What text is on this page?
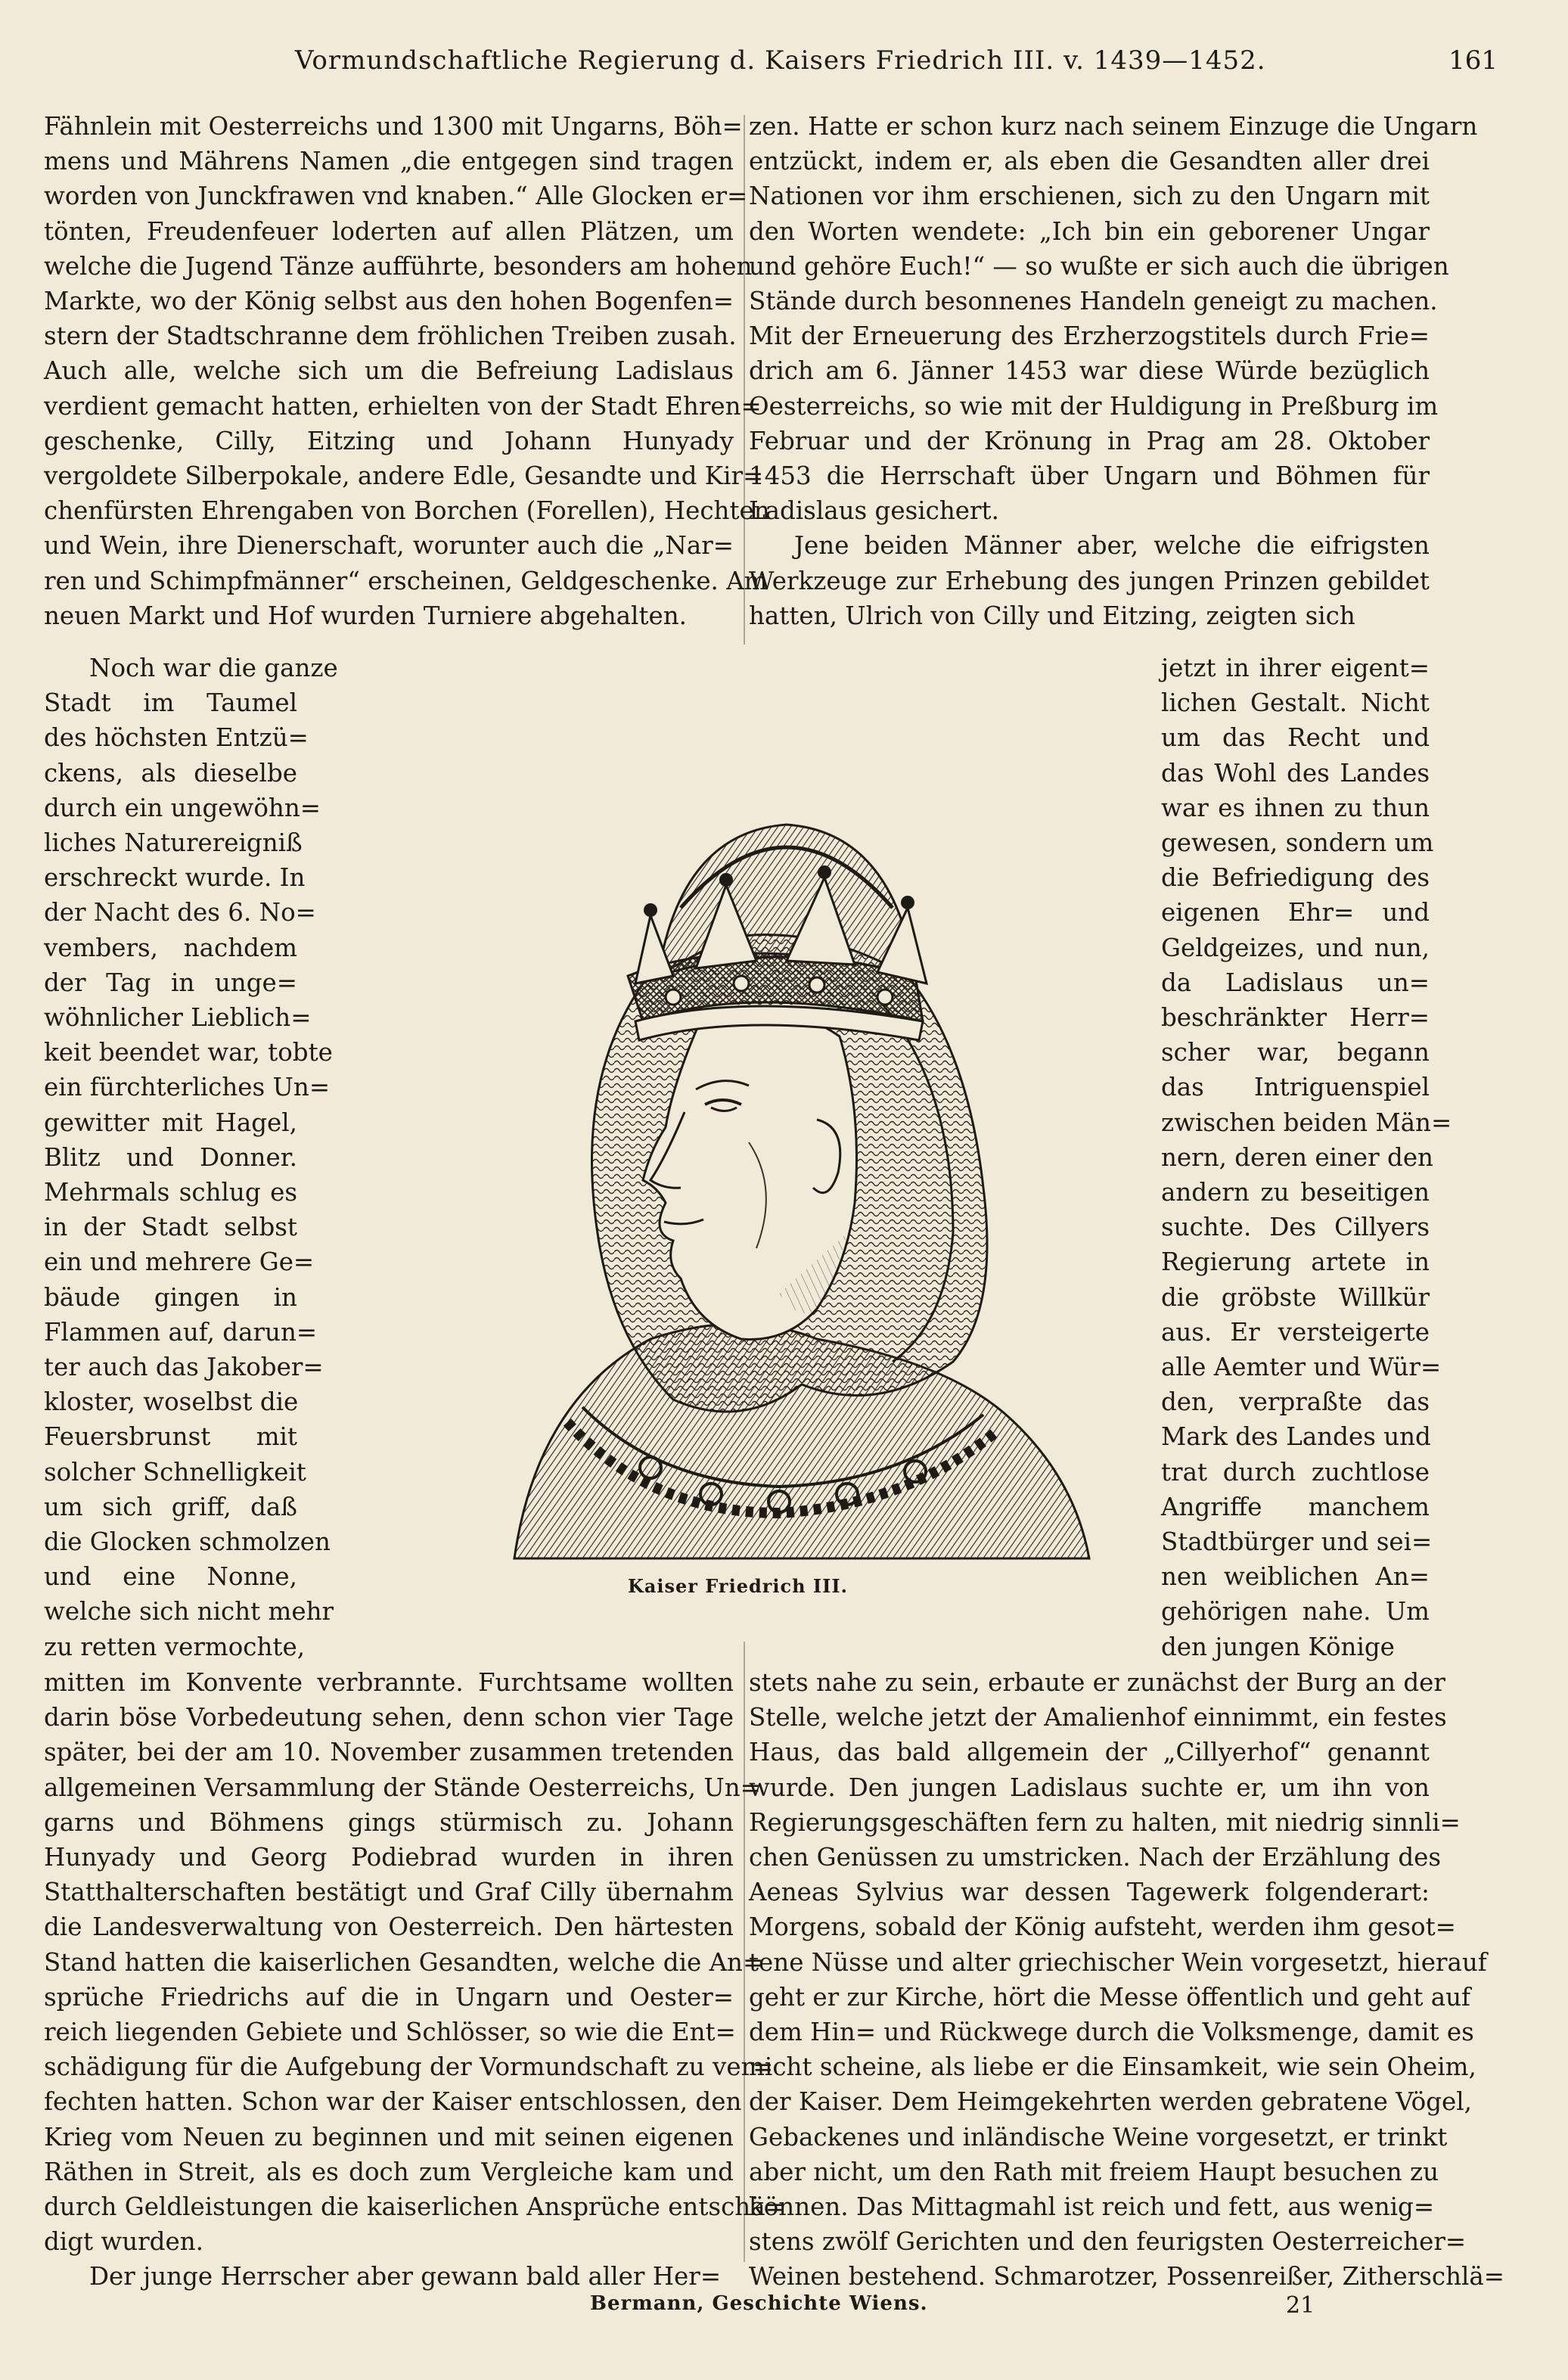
Vormundschaftliche Regierung d. Kaisers Friedrich III. v. 1439—1452.	161
Fähnlein mit Oesterreichs und 1300 mit Ungarns, Böh=
mens und Mährens Namen „die entgegen sind tragen
worden von Junckfrawen vnd knaben.“ Alle Glocken er=
tönten, Freudenfeuer loderten auf allen Plätzen, um
welche die Jugend Tänze aufführte, besonders am hohen
Markte, wo der König selbst aus den hohen Bogenfen=
stern der Stadtschranne dem fröhlichen Treiben zusah.
Auch alle, welche sich um die Befreiung Ladislaus
verdient gemacht hatten, erhielten von der Stadt Ehren=
geschenke, Cilly, Eitzing und Johann Hunyady
vergoldete Silberpokale, andere Edle, Gesandte und Kir=
chenfürsten Ehrengaben von Borchen (Forellen), Hechten
und Wein, ihre Dienerschaft, worunter auch die „Nar=
ren und Schimpfmänner“ erscheinen, Geldgeschenke. Am
neuen Markt und Hof wurden Turniere abgehalten.
Noch war die ganze
Stadt im Taumel
des höchsten Entzü=
ckens, als dieselbe
durch ein ungewöhn=
liches Naturereigniß
erschreckt wurde. In
der Nacht des 6. No=
vembers, nachdem
der Tag in unge=
wöhnlicher Lieblich=
keit beendet war, tobte
ein fürchterliches Un=
gewitter mit Hagel,
Blitz und Donner.
Mehrmals schlug es
in der Stadt selbst
ein und mehrere Ge=
bäude gingen in
Flammen auf, darun=
ter auch das Jakober=
kloster, woselbst die
Feuersbrunst mit
solcher Schnelligkeit
um sich griff, daß
die Glocken schmolzen
und eine Nonne,
welche sich nicht mehr
zu retten vermochte,
mitten im Konvente verbrannte. Furchtsame wollten
darin böse Vorbedeutung sehen, denn schon vier Tage
später, bei der am 10. November zusammen tretenden
allgemeinen Versammlung der Stände Oesterreichs, Un=
garns und Böhmens gings stürmisch zu. Johann
Hunyady und Georg Podiebrad wurden in ihren
Statthalterschaften bestätigt und Graf Cilly übernahm
die Landesverwaltung von Oesterreich. Den härtesten
Stand hatten die kaiserlichen Gesandten, welche die An=
sprüche Friedrichs auf die in Ungarn und Oester=
reich liegenden Gebiete und Schlösser, so wie die Ent=
schädigung für die Aufgebung der Vormundschaft zu ver=
fechten hatten. Schon war der Kaiser entschlossen, den
Krieg vom Neuen zu beginnen und mit seinen eigenen
Räthen in Streit, als es doch zum Vergleiche kam und
durch Geldleistungen die kaiserlichen Ansprüche entschä=
digt wurden.
Der junge Herrscher aber gewann bald aller Her=
zen. Hatte er schon kurz nach seinem Einzuge die Ungarn
entzückt, indem er, als eben die Gesandten aller drei
Nationen vor ihm erschienen, sich zu den Ungarn mit
den Worten wendete: „Ich bin ein geborener Ungar
und gehöre Euch!“ — so wußte er sich auch die übrigen
Stände durch besonnenes Handeln geneigt zu machen.
Mit der Erneuerung des Erzherzogstitels durch Frie=
drich am 6. Jänner 1453 war diese Würde bezüglich
Oesterreichs, so wie mit der Huldigung in Preßburg im
Februar und der Krönung in Prag am 28. Oktober
1453 die Herrschaft über Ungarn und Böhmen für
Ladislaus gesichert.
Jene beiden Männer aber, welche die eifrigsten
Werkzeuge zur Erhebung des jungen Prinzen gebildet
hatten, Ulrich von Cilly und Eitzing, zeigten sich
jetzt in ihrer eigent=
lichen Gestalt. Nicht
um das Recht und
das Wohl des Landes
war es ihnen zu thun
gewesen, sondern um
die Befriedigung des
eigenen Ehr= und
Geldgeizes, und nun,
da Ladislaus un=
beschränkter Herr=
scher war, begann
das Intriguenspiel
zwischen beiden Män=
nern, deren einer den
andern zu beseitigen
suchte. Des Cillyers
Regierung artete in
die gröbste Willkür
aus. Er versteigerte
alle Aemter und Wür=
den, verpraßte das
Mark des Landes und
trat durch zuchtlose
Angriffe manchem
Stadtbürger und sei=
nen weiblichen An=
gehörigen nahe. Um
den jungen Könige
stets nahe zu sein, erbaute er zunächst der Burg an der
Stelle, welche jetzt der Amalienhof einnimmt, ein festes
Haus, das bald allgemein der „Cillyerhof“ genannt
wurde. Den jungen Ladislaus suchte er, um ihn von
Regierungsgeschäften fern zu halten, mit niedrig sinnli=
chen Genüssen zu umstricken. Nach der Erzählung des
Aeneas Sylvius war dessen Tagewerk folgenderart:
Morgens, sobald der König aufsteht, werden ihm gesot=
tene Nüsse und alter griechischer Wein vorgesetzt, hierauf
geht er zur Kirche, hört die Messe öffentlich und geht auf
dem Hin= und Rückwege durch die Volksmenge, damit es
nicht scheine, als liebe er die Einsamkeit, wie sein Oheim,
der Kaiser. Dem Heimgekehrten werden gebratene Vögel,
Gebackenes und inländische Weine vorgesetzt, er trinkt
aber nicht, um den Rath mit freiem Haupt besuchen zu
können. Das Mittagmahl ist reich und fett, aus wenig=
stens zwölf Gerichten und den feurigsten Oesterreicher=
Weinen bestehend. Schmarotzer, Possenreißer, Zitherschlä=
Kaiser Friedrich III.
Bermann, Geschichte Wiens.	21
